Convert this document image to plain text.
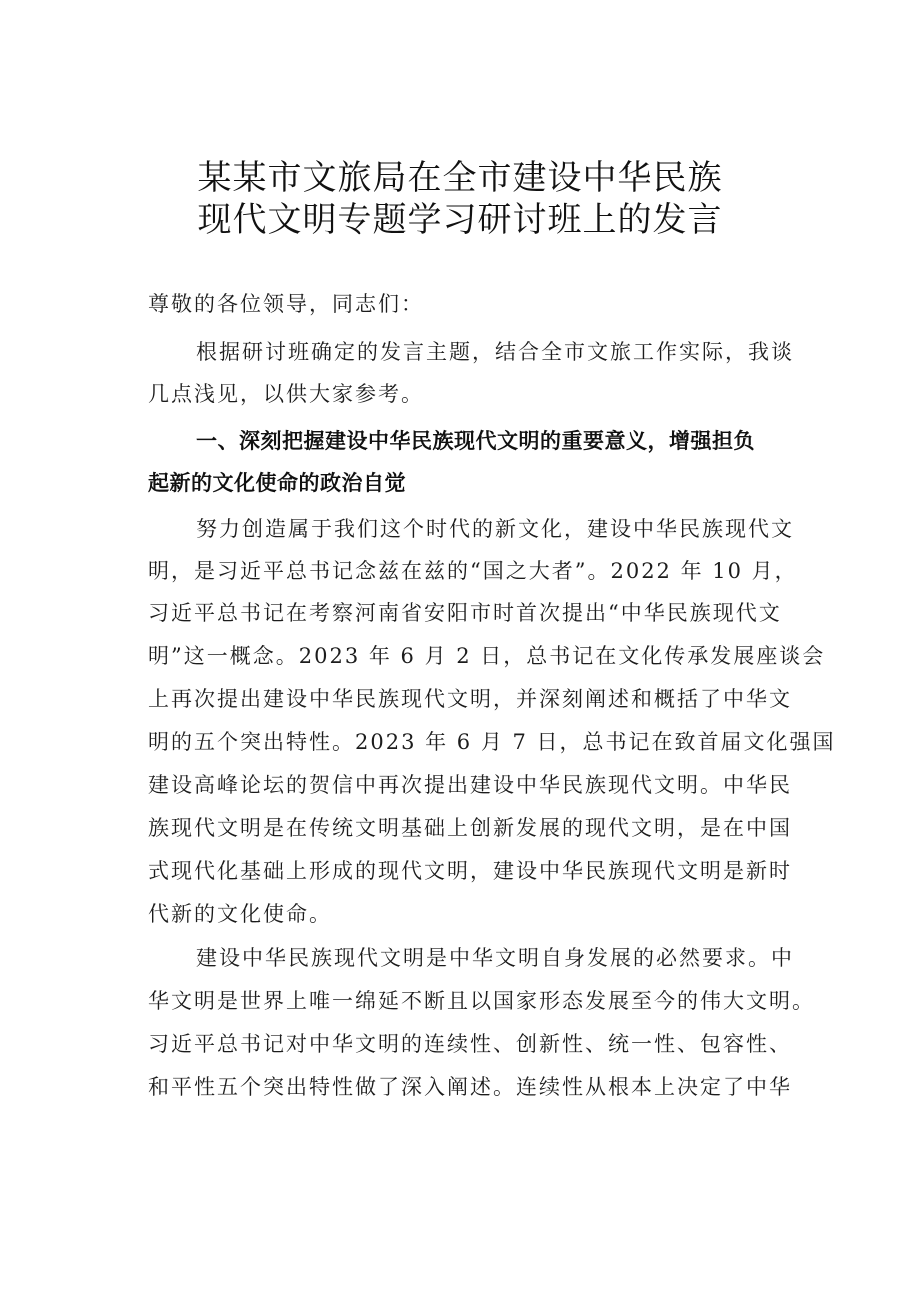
某某市文旅局在全市建设中华民族
现代文明专题学习研讨班上的发言

尊敬的各位领导，同志们：

根据研讨班确定的发言主题，结合全市文旅工作实际，我谈

几点浅见，以供大家参考。

一、深刻把握建设中华民族现代文明的重要意义，增强担负

起新的文化使命的政治自觉

努力创造属于我们这个时代的新文化，建设中华民族现代文

明，是习近平总书记念兹在兹的“国之大者”。2022 年 10 月，

习近平总书记在考察河南省安阳市时首次提出“中华民族现代文

明”这一概念。2023 年 6 月 2 日，总书记在文化传承发展座谈会

上再次提出建设中华民族现代文明，并深刻阐述和概括了中华文

明的五个突出特性。2023 年 6 月 7 日，总书记在致首届文化强国

建设高峰论坛的贺信中再次提出建设中华民族现代文明。中华民

族现代文明是在传统文明基础上创新发展的现代文明，是在中国

式现代化基础上形成的现代文明，建设中华民族现代文明是新时

代新的文化使命。

建设中华民族现代文明是中华文明自身发展的必然要求。中

华文明是世界上唯一绵延不断且以国家形态发展至今的伟大文明。

习近平总书记对中华文明的连续性、创新性、统一性、包容性、

和平性五个突出特性做了深入阐述。连续性从根本上决定了中华
